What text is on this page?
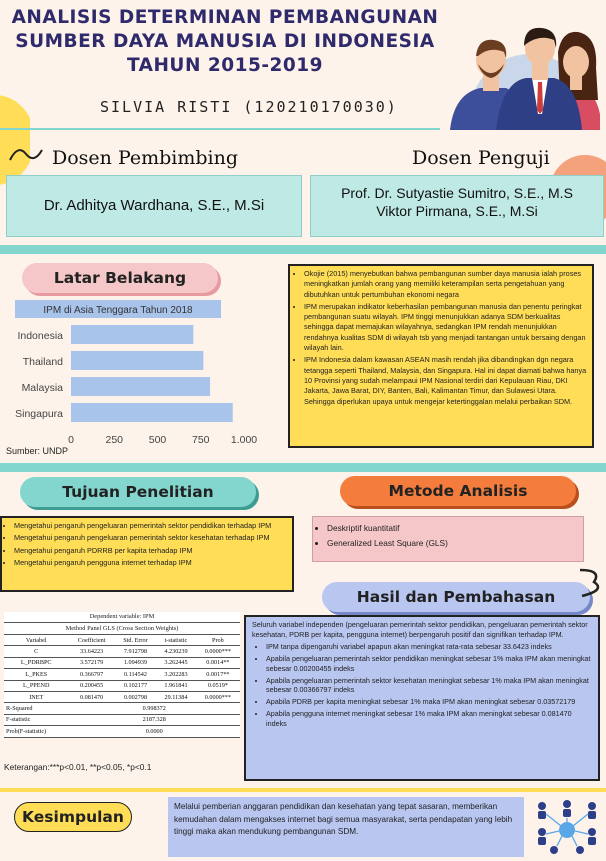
ANALISIS DETERMINAN PEMBANGUNAN
SUMBER DAYA MANUSIA DI INDONESIA
TAHUN 2015-2019
SILVIA RISTI (120210170030)
Dosen Pembimbing	Dosen Penguji
Dr. Adhitya Wardhana, S.E., M.Si
Prof. Dr. Sutyastie Sumitro, S.E., M.S
Viktor Pirmana, S.E., M.Si
Latar Belakang
IPM di Asia Tenggara Tahun 2018
Indonesia
Thailand
Malaysia
Singapura
0	250 500 750 1.000
Sumber: UNDP
• Okojie (2015) menyebutkan bahwa pembangunan sumber daya manusia ialah proses meningkatkan jumlah orang yang memiliki keterampilan serta pengetahuan yang dibutuhkan untuk pertumbuhan ekonomi negara
• IPM merupakan indikator keberhasilan pembangunan manusia dan penentu peringkat pembangunan suatu wilayah. IPM tinggi menunjukkan adanya SDM berkualitas sehingga dapat memajukan wilayahnya, sedangkan IPM rendah menunjukkan rendahnya kualitas SDM di wilayah tsb yang menjadi tantangan untuk bersaing dengan wilayah lain.
• IPM Indonesia dalam kawasan ASEAN masih rendah jika dibandingkan dgn negara tetangga seperti Thailand, Malaysia, dan Singapura. Hal ini dapat diamati bahwa hanya 10 Provinsi yang sudah melampaui IPM Nasional terdiri dari Kepulauan Riau, DKI Jakarta, Jawa Barat, DIY, Banten, Bali, Kalimantan Timur, dan Sulawesi Utara. Sehingga diperlukan upaya untuk mengejar ketertinggalan melalui perbaikan SDM.
Tujuan Penelitian
• Mengetahui pengaruh pengeluaran pemerintah sektor pendidikan terhadap IPM
• Mengetahui pengaruh pengeluaran pemerintah sektor kesehatan terhadap IPM
• Mengetahui pengaruh PDRRB per kapita terhadap IPM
• Mengetahui pengaruh pengguna internet terhadap IPM
Metode Analisis
• Deskriptif kuantitatif
• Generalized Least Square (GLS)
Hasil dan Pembahasan
Dependent variable: IPM
Method Panel GLS (Cross Section Weights)
Variabel	Coefficient	Std. Error	t-statistic	Prob
C	33.64223	7.912798	4.230239	0.0000***
L_PDRBPC	3.572179	1.094939	3.262445	0.0014**
L_PKES	0.366797	0.114542	3.202283	0.0017**
L_PPEND	0.200455	0.102177	1.961841	0.0519*
INET	0.081470	0.002798	29.11384	0.0000***
R-Squared	0.998372			
F-statistic	2187.328			
Prob(F-statistic)	0.0000			
Keterangan:***p<0.01, **p<0.05, *p<0.1
Seluruh variabel independen (pengeluaran pemerintah sektor pendidikan, pengeluaran pemerintah sektor kesehatan, PDRB per kapita, pengguna internet) berpengaruh positif dan signifikan terhadap IPM.
• IPM tanpa dipengaruhi variabel apapun akan meningkat rata-rata sebesar 33.6423 indeks
• Apabila pengeluaran pemerintah sektor pendidikan meningkat sebesar 1% maka IPM akan meningkat sebesar 0.00200455 indeks
• Apabila pengeluaran pemerintah sektor kesehatan meningkat sebesar 1% maka IPM akan meningkat sebesar 0.00366797 indeks
• Apabila PDRB per kapita meningkat sebesar 1% maka IPM akan meningkat sebesar 0.03572179
• Apabila pengguna internet meningkat sebesar 1% maka IPM akan meningkat sebesar 0.081470 indeks
Kesimpulan
Melalui pemberian anggaran pendidikan dan kesehatan yang tepat sasaran, memberikan kemudahan dalam mengakses internet bagi semua masyarakat, serta pendapatan yang lebih tinggi maka akan mendukung pembangunan SDM.
